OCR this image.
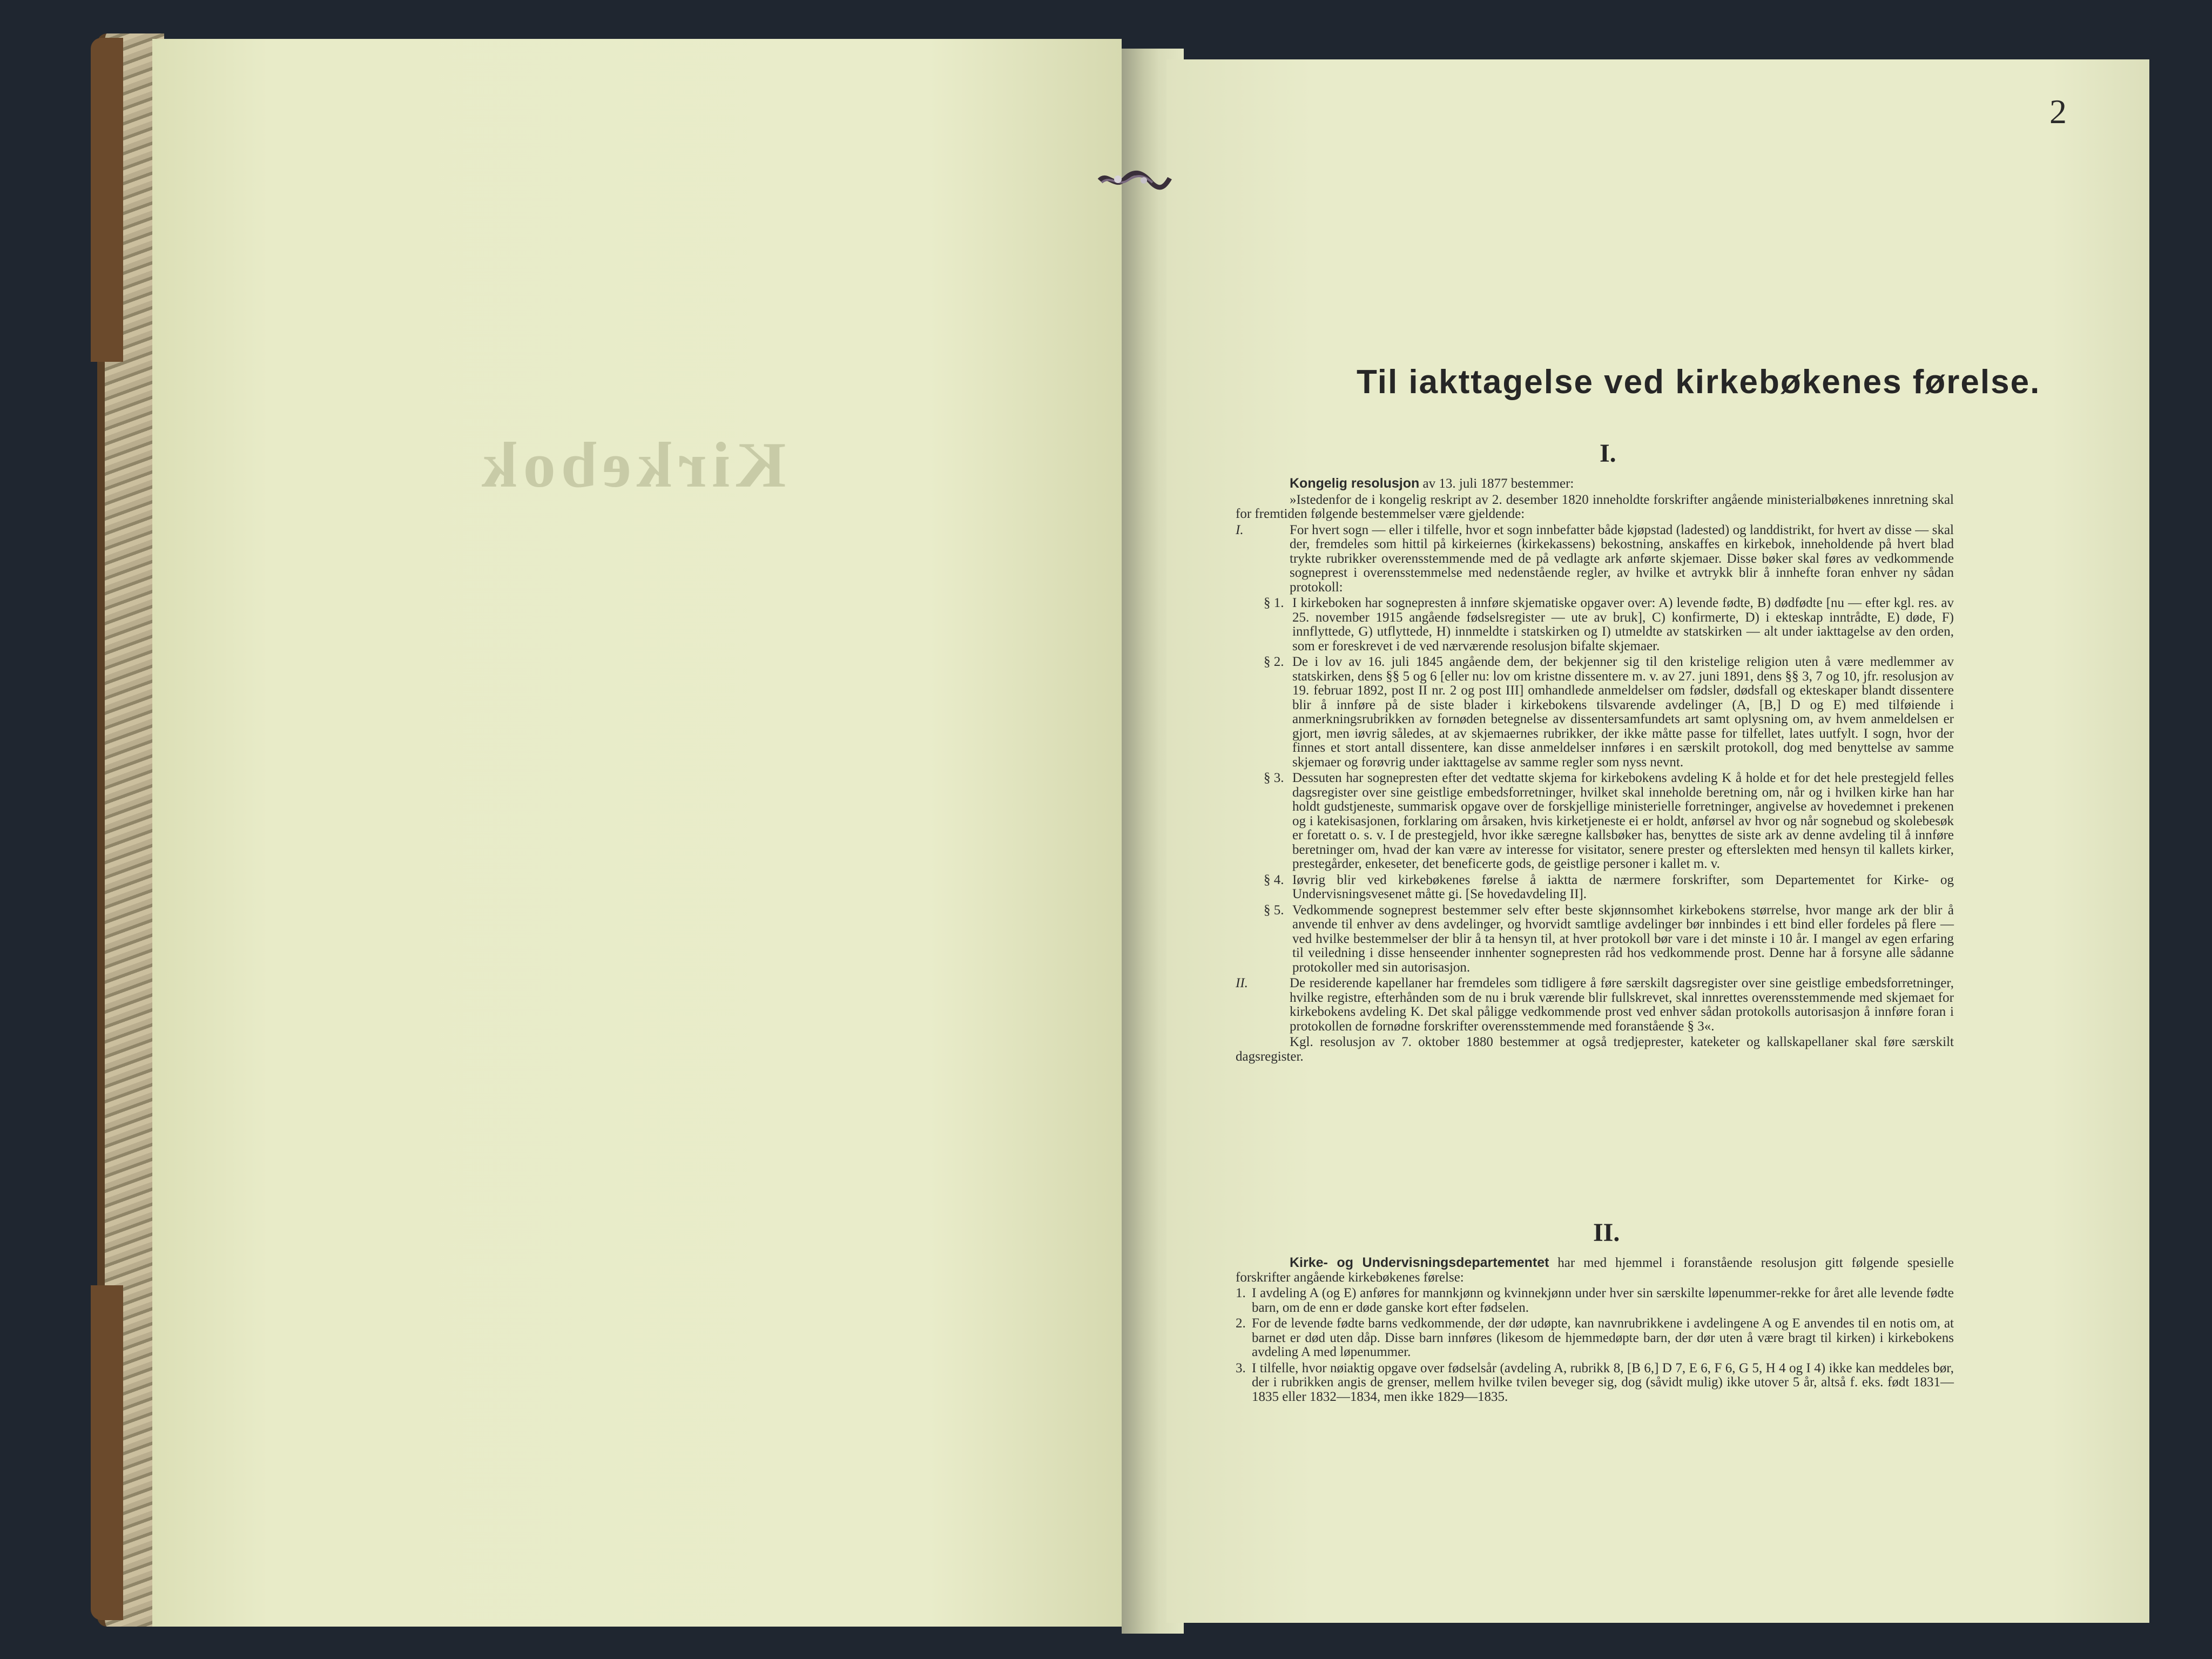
Kirkebok
2
Til iakttagelse ved kirkebøkenes førelse.
I.

Kongelig resolusjon av 13. juli 1877 bestemmer:

»Istedenfor de i kongelig reskript av 2. desember 1820 inneholdte forskrifter angående ministerialbøkenes innretning skal for fremtiden følgende bestemmelser være gjeldende:

I.	For hvert sogn — eller i tilfelle, hvor et sogn innbefatter både kjøpstad (ladested) og landdistrikt, for hvert av disse — skal der, fremdeles som hittil på kirkeiernes (kirkekassens) bekostning, anskaffes en kirkebok, inneholdende på hvert blad trykte rubrikker overensstemmende med de på vedlagte ark anførte skjemaer. Disse bøker skal føres av vedkommende sogneprest i overensstemmelse med nedenstående regler, av hvilke et avtrykk blir å innhefte foran enhver ny sådan protokoll:

§ 1. I kirkeboken har sognepresten å innføre skjematiske opgaver over: A) levende fødte, B) dødfødte [nu — efter kgl. res. av 25. november 1915 angående fødselsregister — ute av bruk], C) konfirmerte, D) i ekteskap inntrådte, E) døde, F) innflyttede, G) utflyttede, H) innmeldte i statskirken og I) utmeldte av statskirken — alt under iakttagelse av den orden, som er foreskrevet i de ved nærværende resolusjon bifalte skjemaer.

§ 2. De i lov av 16. juli 1845 angående dem, der bekjenner sig til den kristelige religion uten å være medlemmer av statskirken, dens §§ 5 og 6 [eller nu: lov om kristne dissentere m. v. av 27. juni 1891, dens §§ 3, 7 og 10, jfr. resolusjon av 19. februar 1892, post II nr. 2 og post III] omhandlede anmeldelser om fødsler, dødsfall og ekteskaper blandt dissentere blir å innføre på de siste blader i kirkebokens tilsvarende avdelinger (A, [B,] D og E) med tilføiende i anmerkningsrubrikken av fornøden betegnelse av dissentersamfundets art samt oplysning om, av hvem anmeldelsen er gjort, men iøvrig således, at av skjemaernes rubrikker, der ikke måtte passe for tilfellet, lates uutfylt. I sogn, hvor der finnes et stort antall dissentere, kan disse anmeldelser innføres i en særskilt protokoll, dog med benyttelse av samme skjemaer og forøvrig under iakttagelse av samme regler som nyss nevnt.

§ 3. Dessuten har sognepresten efter det vedtatte skjema for kirkebokens avdeling K å holde et for det hele prestegjeld felles dagsregister over sine geistlige embedsforretninger, hvilket skal inneholde beretning om, når og i hvilken kirke han har holdt gudstjeneste, summarisk opgave over de forskjellige ministerielle forretninger, angivelse av hovedemnet i prekenen og i katekisasjonen, forklaring om årsaken, hvis kirketjeneste ei er holdt, anførsel av hvor og når sognebud og skolebesøk er foretatt o. s. v. I de prestegjeld, hvor ikke særegne kallsbøker has, benyttes de siste ark av denne avdeling til å innføre beretninger om, hvad der kan være av interesse for visitator, senere prester og efterslekten med hensyn til kallets kirker, prestegårder, enkeseter, det beneficerte gods, de geistlige personer i kallet m. v.

§ 4. Iøvrig blir ved kirkebøkenes førelse å iaktta de nærmere forskrifter, som Departementet for Kirke- og Undervisningsvesenet måtte gi. [Se hovedavdeling II].

§ 5. Vedkommende sogneprest bestemmer selv efter beste skjønnsomhet kirkebokens størrelse, hvor mange ark der blir å anvende til enhver av dens avdelinger, og hvorvidt samtlige avdelinger bør innbindes i ett bind eller fordeles på flere — ved hvilke bestemmelser der blir å ta hensyn til, at hver protokoll bør vare i det minste i 10 år. I mangel av egen erfaring til veiledning i disse henseender innhenter sognepresten råd hos vedkommende prost. Denne har å forsyne alle sådanne protokoller med sin autorisasjon.

II.	De residerende kapellaner har fremdeles som tidligere å føre særskilt dagsregister over sine geistlige embedsforretninger, hvilke registre, efterhånden som de nu i bruk værende blir fullskrevet, skal innrettes overensstemmende med skjemaet for kirkebokens avdeling K. Det skal påligge vedkommende prost ved enhver sådan protokolls autorisasjon å innføre foran i protokollen de fornødne forskrifter overensstemmende med foranstående § 3«.

Kgl. resolusjon av 7. oktober 1880 bestemmer at også tredjeprester, kateketer og kallskapellaner skal føre særskilt dagsregister.

II.

Kirke- og Undervisningsdepartementet har med hjemmel i foranstående resolusjon gitt følgende spesielle forskrifter angående kirkebøkenes førelse:

1. I avdeling A (og E) anføres for mannkjønn og kvinnekjønn under hver sin særskilte løpenummer-rekke for året alle levende fødte barn, om de enn er døde ganske kort efter fødselen.

2. For de levende fødte barns vedkommende, der dør udøpte, kan navnrubrikkene i avdelingene A og E anvendes til en notis om, at barnet er død uten dåp. Disse barn innføres (likesom de hjemmedøpte barn, der dør uten å være bragt til kirken) i kirkebokens avdeling A med løpenummer.

3. I tilfelle, hvor nøiaktig opgave over fødselsår (avdeling A, rubrikk 8, [B 6,] D 7, E 6, F 6, G 5, H 4 og I 4) ikke kan meddeles bør, der i rubrikken angis de grenser, mellem hvilke tvilen beveger sig, dog (såvidt mulig) ikke utover 5 år, altså f. eks. født 1831—1835 eller 1832—1834, men ikke 1829—1835.
